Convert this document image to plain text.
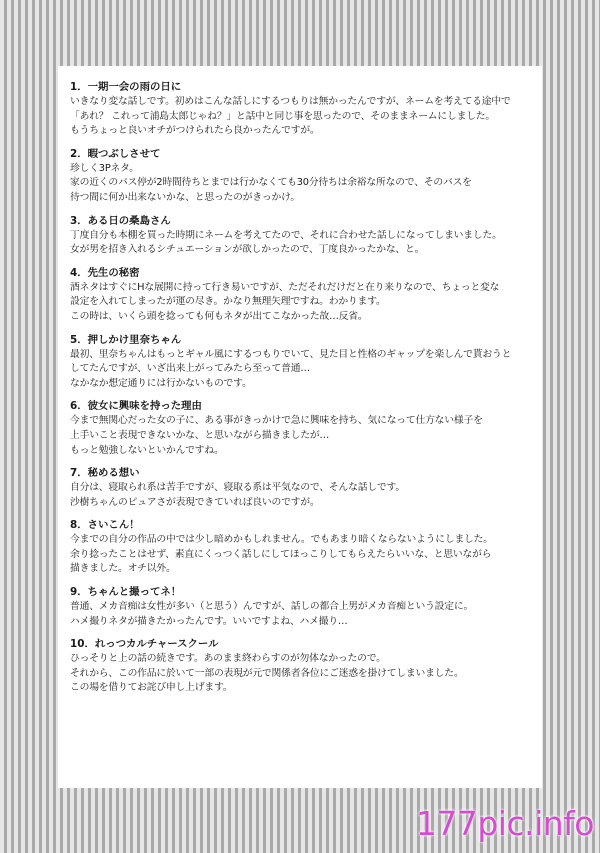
1．一期一会の雨の日に

いきなり変な話しです。初めはこんな話しにするつもりは無かったんですが、ネームを考えてる途中で

「あれ？ これって浦島太郎じゃね？」と話中と同じ事を思ったので、そのままネームにしました。

もうちょっと良いオチがつけられたら良かったんですが。

2．暇つぶしさせて

珍しく3Pネタ。

家の近くのバス停が2時間待ちとまでは行かなくても30分待ちは余裕な所なので、そのバスを

待つ間に何か出来ないかな、と思ったのがきっかけ。

3．ある日の桑島さん

丁度自分も本棚を買った時期にネームを考えてたので、それに合わせた話しになってしまいました。

女が男を招き入れるシチュエーションが欲しかったので、丁度良かったかな、と。

4．先生の秘密

酒ネタはすぐにHな展開に持って行き易いですが、ただそれだけだと在り来りなので、ちょっと変な

設定を入れてしまったが運の尽き。かなり無理矢理ですね。わかります。

この時は、いくら頭を捻っても何もネタが出てこなかった故…反省。

5．押しかけ里奈ちゃん

最初、里奈ちゃんはもっとギャル風にするつもりでいて、見た目と性格のギャップを楽しんで貰おうと

してたんですが、いざ出来上がってみたら至って普通…

なかなか想定通りには行かないものです。

6．彼女に興味を持った理由

今まで無関心だった女の子に、ある事がきっかけで急に興味を持ち、気になって仕方ない様子を

上手いこと表現できないかな、と思いながら描きましたが…

もっと勉強しないといかんですね。

7．秘める想い

自分は、寝取られ系は苦手ですが、寝取る系は平気なので、そんな話しです。

沙樹ちゃんのピュアさが表現できていれば良いのですが。

8．さいこん！

今までの自分の作品の中では少し暗めかもしれません。でもあまり暗くならないようにしました。

余り捻ったことはせず、素直にくっつく話しにしてほっこりしてもらえたらいいな、と思いながら

描きました。オチ以外。

9．ちゃんと撮ってネ！

普通、メカ音痴は女性が多い（と思う）んですが、話しの都合上男がメカ音痴という設定に。

ハメ撮りネタが描きたかったんです。いいですよね、ハメ撮り…

10．れっつカルチャースクール

ひっそりと上の話の続きです。あのまま終わらすのが勿体なかったので。

それから、この作品に於いて一部の表現が元で関係者各位にご迷惑を掛けてしまいました。

この場を借りてお詫び申し上げます。

177pic.info
